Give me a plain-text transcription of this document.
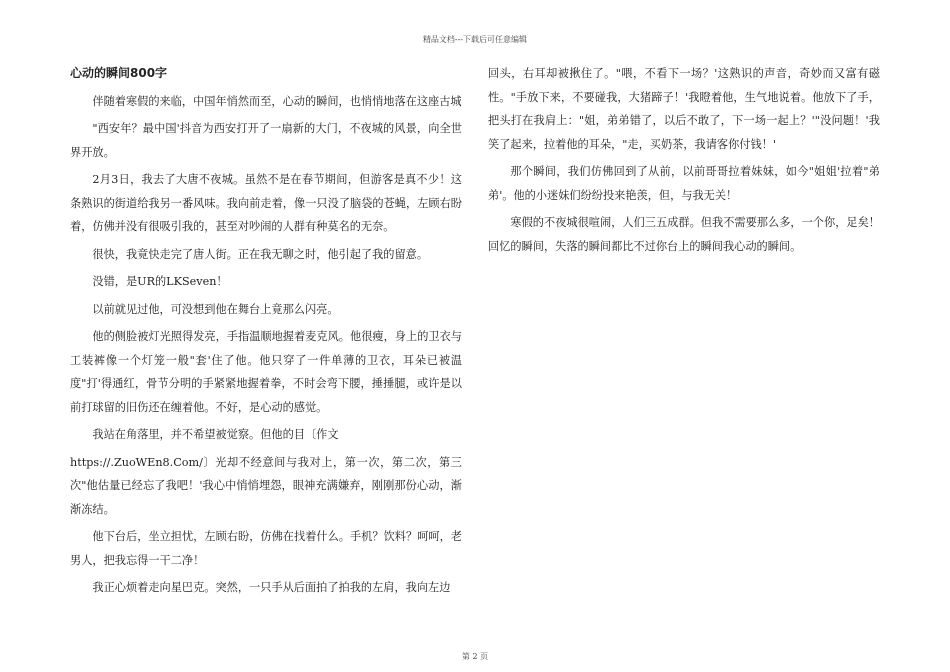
精品文档---下载后可任意编辑

心动的瞬间800字

伴随着寒假的来临，中国年悄然而至，心动的瞬间，也悄悄地落在这座古城

"西安年？最中国'抖音为西安打开了一扇新的大门，不夜城的风景，向全世界开放。

2月3日，我去了大唐不夜城。虽然不是在春节期间，但游客是真不少！这条熟识的街道给我另一番风味。我向前走着，像一只没了脑袋的苍蝇，左顾右盼着，仿佛并没有很吸引我的，甚至对吵闹的人群有种莫名的无奈。

很快，我竟快走完了唐人街。正在我无聊之时，他引起了我的留意。

没错，是UR的LKSeven！

以前就见过他，可没想到他在舞台上竟那么闪亮。

他的侧脸被灯光照得发亮，手指温顺地握着麦克风。他很瘦，身上的卫衣与工装裤像一个灯笼一般"套'住了他。他只穿了一件单薄的卫衣，耳朵已被温度"打'得通红，骨节分明的手紧紧地握着拳，不时会弯下腰，捶捶腿，或许是以前打球留的旧伤还在缠着他。不好，是心动的感觉。

我站在角落里，并不希望被觉察。但他的目〔作文

https://.ZuoWEn8.Com/〕光却不经意间与我对上，第一次，第二次，第三次"他估量已经忘了我吧！'我心中悄悄埋怨，眼神充满嫌弃，刚刚那份心动，渐渐冻结。

他下台后，坐立担忧，左顾右盼，仿佛在找着什么。手机？饮料？呵呵，老男人，把我忘得一干二净！

我正心烦着走向星巴克。突然，一只手从后面拍了拍我的左肩，我向左边

回头，右耳却被揪住了。"喂，不看下一场？'这熟识的声音，奇妙而又富有磁性。"手放下来，不要碰我，大猪蹄子！'我瞪着他，生气地说着。他放下了手，把头打在我肩上："姐，弟弟错了，以后不敢了，下一场一起上？'"没问题！'我笑了起来，拉着他的耳朵，"走，买奶茶，我请客你付钱！'

那个瞬间，我们仿佛回到了从前，以前哥哥拉着妹妹，如今"姐姐'拉着"弟弟'。他的小迷妹们纷纷投来艳羡，但，与我无关！

寒假的不夜城很喧闹，人们三五成群。但我不需要那么多，一个你，足矣！回忆的瞬间，失落的瞬间都比不过你台上的瞬间我心动的瞬间。

第 2 页
